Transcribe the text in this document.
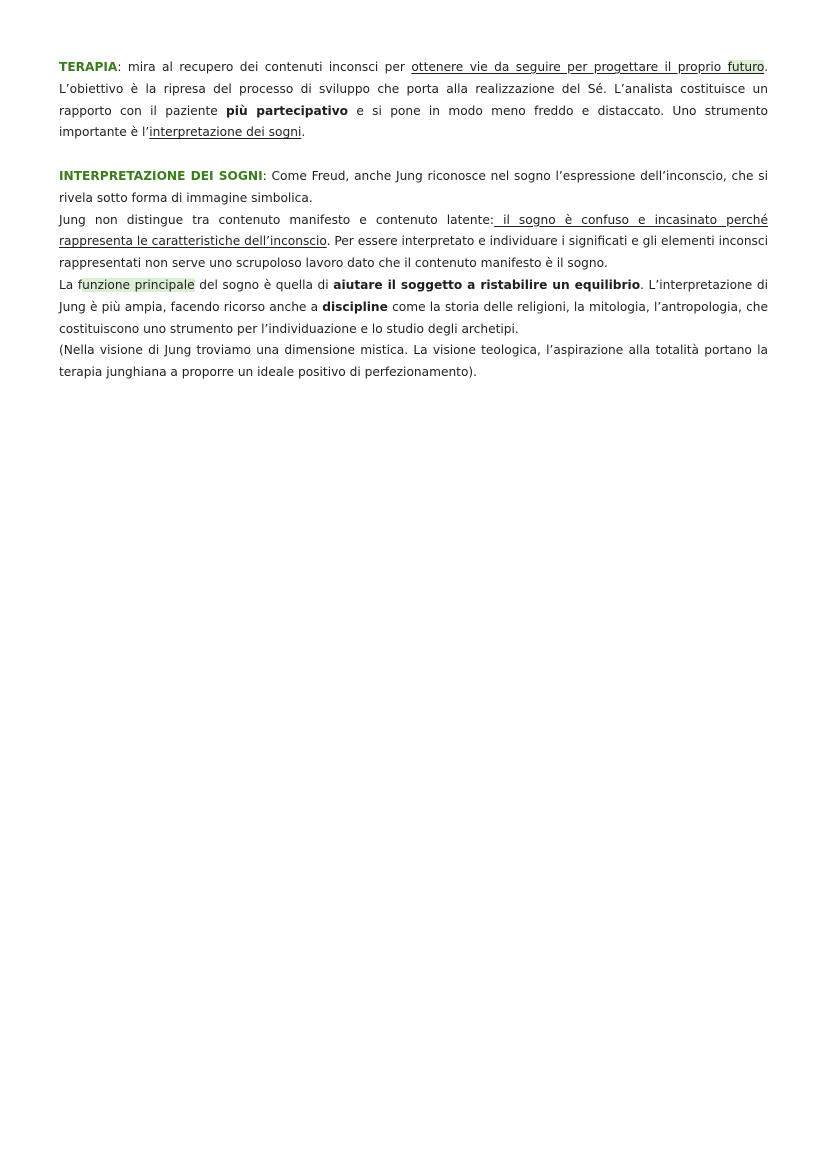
TERAPIA: mira al recupero dei contenuti inconsci per ottenere vie da seguire per progettare il proprio futuro. L’obiettivo è la ripresa del processo di sviluppo che porta alla realizzazione del Sé. L’analista costituisce un rapporto con il paziente più partecipativo e si pone in modo meno freddo e distaccato. Uno strumento importante è l’interpretazione dei sogni.

INTERPRETAZIONE DEI SOGNI: Come Freud, anche Jung riconosce nel sogno l’espressione dell’inconscio, che si rivela sotto forma di immagine simbolica.

Jung non distingue tra contenuto manifesto e contenuto latente: il sogno è confuso e incasinato perché rappresenta le caratteristiche dell’inconscio. Per essere interpretato e individuare i significati e gli elementi inconsci rappresentati non serve uno scrupoloso lavoro dato che il contenuto manifesto è il sogno.

La funzione principale del sogno è quella di aiutare il soggetto a ristabilire un equilibrio. L’interpretazione di Jung è più ampia, facendo ricorso anche a discipline come la storia delle religioni, la mitologia, l’antropologia, che costituiscono uno strumento per l’individuazione e lo studio degli archetipi.

(Nella visione di Jung troviamo una dimensione mistica. La visione teologica, l’aspirazione alla totalità portano la terapia junghiana a proporre un ideale positivo di perfezionamento).
